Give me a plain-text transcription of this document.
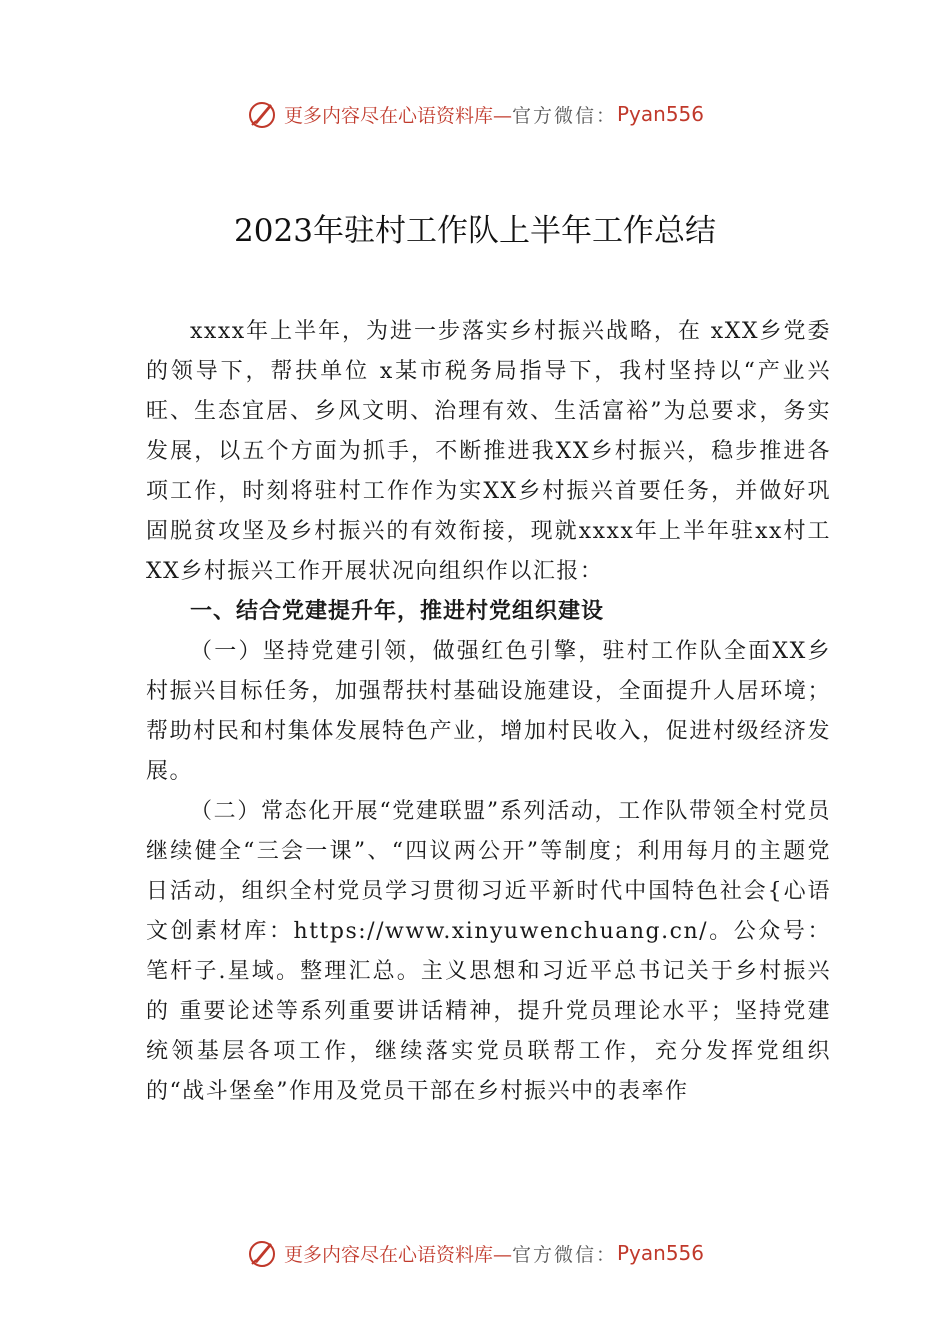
更多内容尽在心语资料库— 官方微信： Pyan556
2023年驻村工作队上半年工作总结

xxxx年上半年，为进一步落实乡村振兴战略，在 xXX乡党委的领导下，帮扶单位 x某市税务局指导下，我村坚持以“产业兴旺、生态宜居、乡风文明、治理有效、生活富裕”为总要求，务实发展，以五个方面为抓手，不断推进我XX乡村振兴，稳步推进各项工作，时刻将驻村工作作为实XX乡村振兴首要任务，并做好巩固脱贫攻坚及乡村振兴的有效衔接，现就xxxx年上半年驻xx村工XX乡村振兴工作开展状况向组织作以汇报：

一、结合党建提升年，推进村党组织建设

（一）坚持党建引领，做强红色引擎，驻村工作队全面XX乡村振兴目标任务，加强帮扶村基础设施建设，全面提升人居环境；帮助村民和村集体发展特色产业，增加村民收入，促进村级经济发展。

（二）常态化开展“党建联盟”系列活动，工作队带领全村党员继续健全“三会一课”、“四议两公开”等制度；利用每月的主题党日活动，组织全村党员学习贯彻习近平新时代中国特色社会{心语文创素材库：https://www.xinyuwenchuang.cn/。公众号：笔杆子.星域。整理汇总。主义思想和习近平总书记关于乡村振兴的 重要论述等系列重要讲话精神，提升党员理论水平；坚持党建统领基层各项工作，继续落实党员联帮工作，充分发挥党组织的“战斗堡垒”作用及党员干部在乡村振兴中的表率作

更多内容尽在心语资料库— 官方微信： Pyan556
